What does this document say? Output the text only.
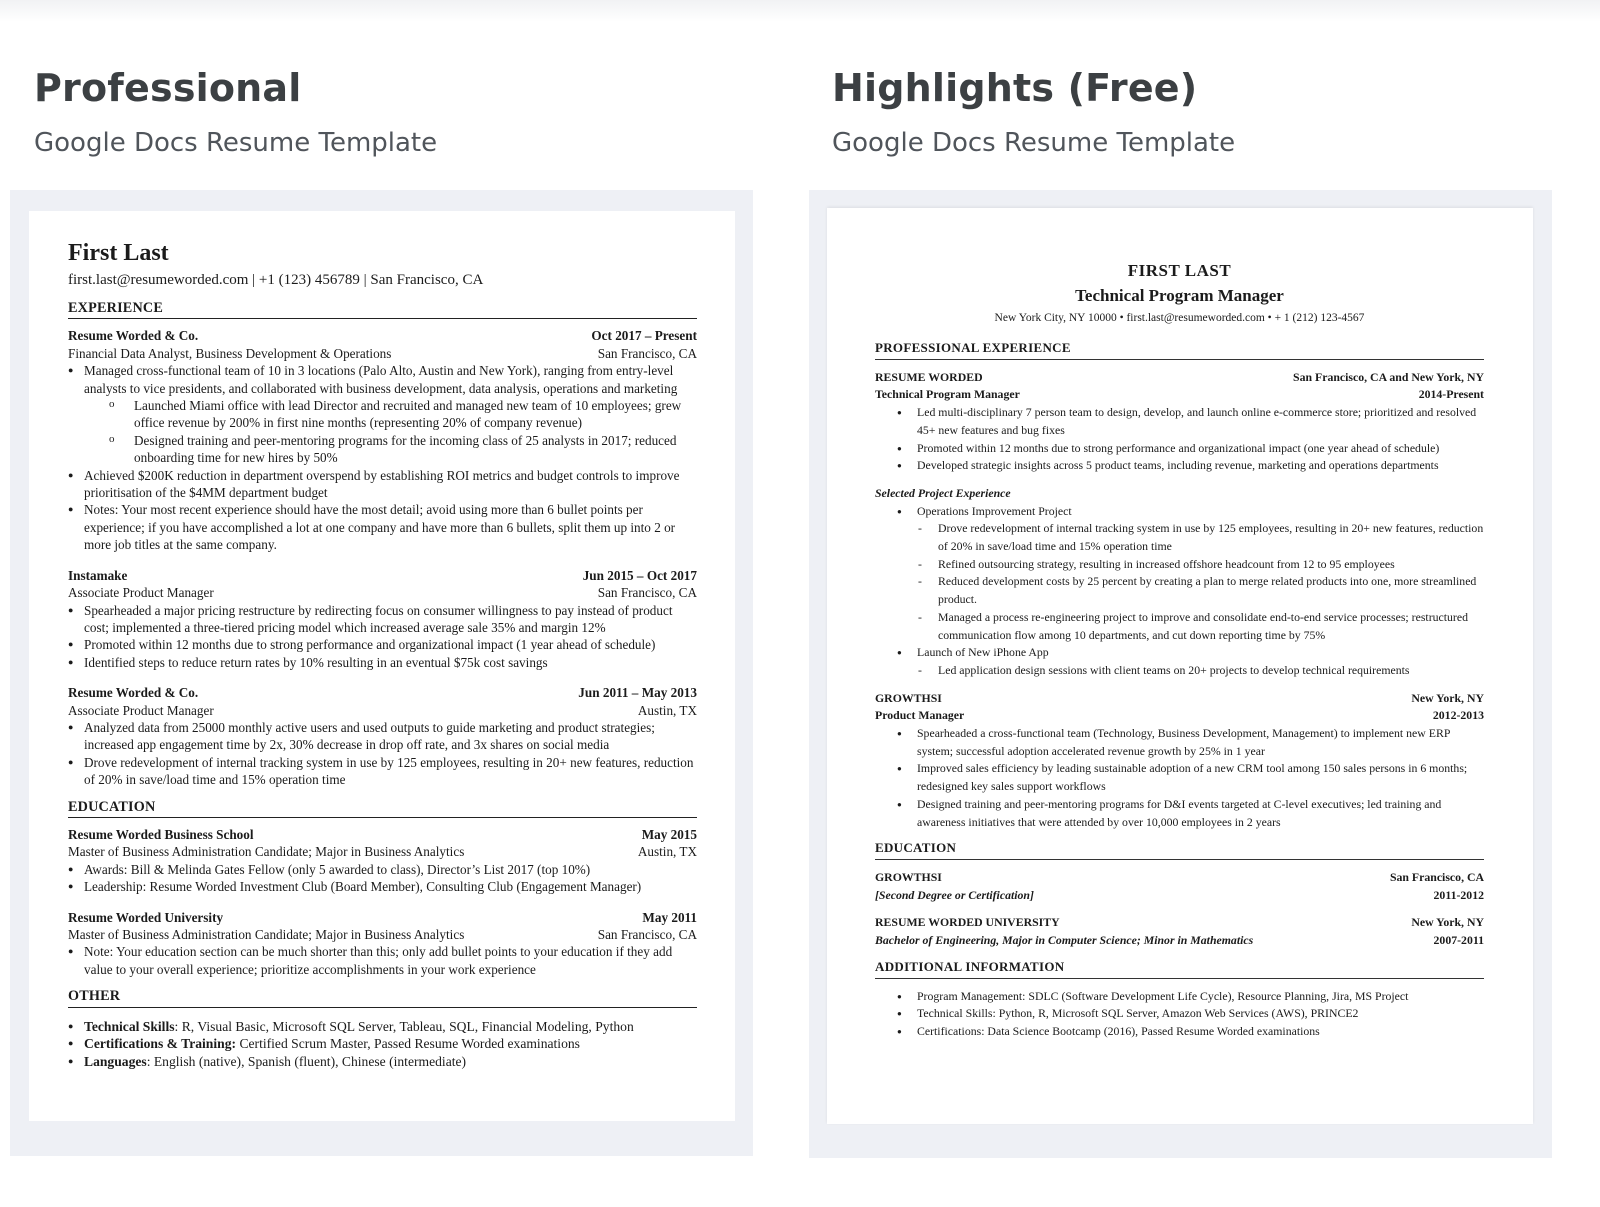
Professional

Google Docs Resume Template

Highlights (Free)

Google Docs Resume Template

First Last
first.last@resumeworded.com | +1 (123) 456789 | San Francisco, CA
EXPERIENCE
Resume Worded & Co.	Oct 2017 – Present
Financial Data Analyst, Business Development & Operations	San Francisco, CA
● Managed cross-functional team of 10 in 3 locations (Palo Alto, Austin and New York), ranging from entry-level analysts to vice presidents, and collaborated with business development, data analysis, operations and marketing
o Launched Miami office with lead Director and recruited and managed new team of 10 employees; grew office revenue by 200% in first nine months (representing 20% of company revenue)
o Designed training and peer-mentoring programs for the incoming class of 25 analysts in 2017; reduced onboarding time for new hires by 50%
● Achieved $200K reduction in department overspend by establishing ROI metrics and budget controls to improve prioritisation of the $4MM department budget
● Notes: Your most recent experience should have the most detail; avoid using more than 6 bullet points per experience; if you have accomplished a lot at one company and have more than 6 bullets, split them up into 2 or more job titles at the same company.
Instamake	Jun 2015 – Oct 2017
Associate Product Manager	San Francisco, CA
● Spearheaded a major pricing restructure by redirecting focus on consumer willingness to pay instead of product cost; implemented a three-tiered pricing model which increased average sale 35% and margin 12%
● Promoted within 12 months due to strong performance and organizational impact (1 year ahead of schedule)
● Identified steps to reduce return rates by 10% resulting in an eventual $75k cost savings
Resume Worded & Co.	Jun 2011 – May 2013
Associate Product Manager	Austin, TX
● Analyzed data from 25000 monthly active users and used outputs to guide marketing and product strategies; increased app engagement time by 2x, 30% decrease in drop off rate, and 3x shares on social media
● Drove redevelopment of internal tracking system in use by 125 employees, resulting in 20+ new features, reduction of 20% in save/load time and 15% operation time
EDUCATION
Resume Worded Business School	May 2015
Master of Business Administration Candidate; Major in Business Analytics	Austin, TX
● Awards: Bill & Melinda Gates Fellow (only 5 awarded to class), Director’s List 2017 (top 10%)
● Leadership: Resume Worded Investment Club (Board Member), Consulting Club (Engagement Manager)
Resume Worded University	May 2011
Master of Business Administration Candidate; Major in Business Analytics	San Francisco, CA
● Note: Your education section can be much shorter than this; only add bullet points to your education if they add value to your overall experience; prioritize accomplishments in your work experience
OTHER
● Technical Skills: R, Visual Basic, Microsoft SQL Server, Tableau, SQL, Financial Modeling, Python
● Certifications & Training: Certified Scrum Master, Passed Resume Worded examinations
● Languages: English (native), Spanish (fluent), Chinese (intermediate)
FIRST LAST
Technical Program Manager
New York City, NY 10000 • first.last@resumeworded.com • + 1 (212) 123-4567
PROFESSIONAL EXPERIENCE
RESUME WORDED	San Francisco, CA and New York, NY
Technical Program Manager	2014-Present
● Led multi-disciplinary 7 person team to design, develop, and launch online e-commerce store; prioritized and resolved 45+ new features and bug fixes
● Promoted within 12 months due to strong performance and organizational impact (one year ahead of schedule)
● Developed strategic insights across 5 product teams, including revenue, marketing and operations departments
Selected Project Experience
● Operations Improvement Project
- Drove redevelopment of internal tracking system in use by 125 employees, resulting in 20+ new features, reduction of 20% in save/load time and 15% operation time
- Refined outsourcing strategy, resulting in increased offshore headcount from 12 to 95 employees
- Reduced development costs by 25 percent by creating a plan to merge related products into one, more streamlined product.
- Managed a process re-engineering project to improve and consolidate end-to-end service processes; restructured communication flow among 10 departments, and cut down reporting time by 75%
● Launch of New iPhone App
- Led application design sessions with client teams on 20+ projects to develop technical requirements
GROWTHSI	New York, NY
Product Manager	2012-2013
● Spearheaded a cross-functional team (Technology, Business Development, Management) to implement new ERP system; successful adoption accelerated revenue growth by 25% in 1 year
● Improved sales efficiency by leading sustainable adoption of a new CRM tool among 150 sales persons in 6 months; redesigned key sales support workflows
● Designed training and peer-mentoring programs for D&I events targeted at C-level executives; led training and awareness initiatives that were attended by over 10,000 employees in 2 years
EDUCATION
GROWTHSI	San Francisco, CA
[Second Degree or Certification]	2011-2012
RESUME WORDED UNIVERSITY	New York, NY
Bachelor of Engineering, Major in Computer Science; Minor in Mathematics	2007-2011
ADDITIONAL INFORMATION
● Program Management: SDLC (Software Development Life Cycle), Resource Planning, Jira, MS Project
● Technical Skills: Python, R, Microsoft SQL Server, Amazon Web Services (AWS), PRINCE2
● Certifications: Data Science Bootcamp (2016), Passed Resume Worded examinations
